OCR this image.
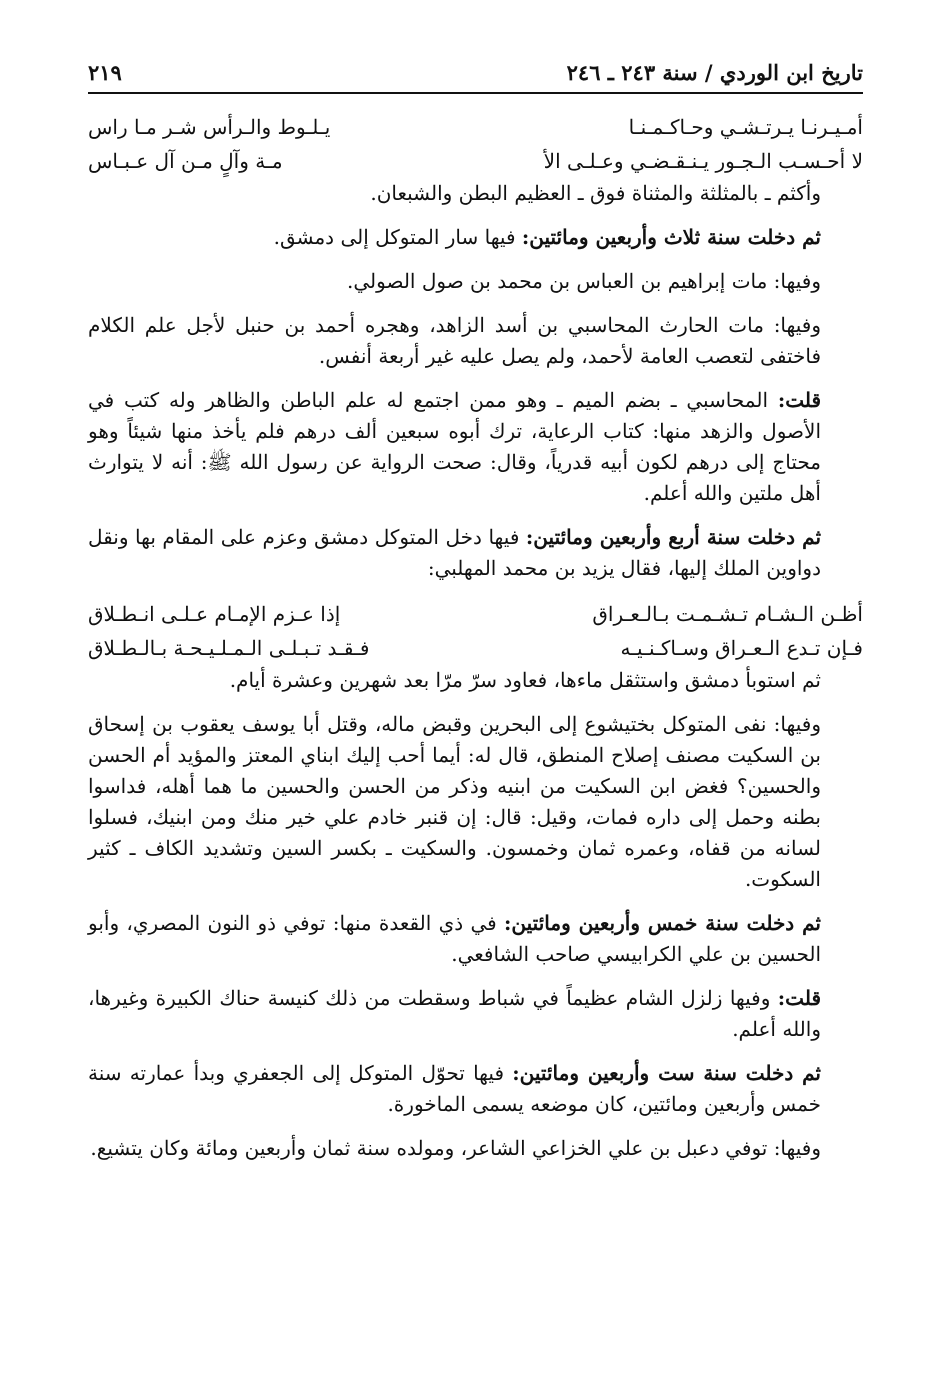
تاريخ ابن الوردي / سنة ٢٤٣ ـ ٢٤٦
٢١٩
أمـيـرنـا يـرتـشـي وحـاكـمـنـا
يـلـوط والـرأس شـر مـا راس
لا أحـسـب الـجـور يـنـقـضـي وعـلـى الأ
مـة وآلٍ مـن آل عـبـاس

وأكثم ـ بالمثلثة والمثناة فوق ـ العظيم البطن والشبعان.

ثم دخلت سنة ثلاث وأربعين ومائتين: فيها سار المتوكل إلى دمشق.

وفيها: مات إبراهيم بن العباس بن محمد بن صول الصولي.

وفيها: مات الحارث المحاسبي بن أسد الزاهد، وهجره أحمد بن حنبل لأجل علم الكلام فاختفى لتعصب العامة لأحمد، ولم يصل عليه غير أربعة أنفس.

قلت: المحاسبي ـ بضم الميم ـ وهو ممن اجتمع له علم الباطن والظاهر وله كتب في الأصول والزهد منها: كتاب الرعاية، ترك أبوه سبعين ألف درهم فلم يأخذ منها شيئاً وهو محتاج إلى درهم لكون أبيه قدرياً، وقال: صحت الرواية عن رسول الله ﷺ: أنه لا يتوارث أهل ملتين والله أعلم.

ثم دخلت سنة أربع وأربعين ومائتين: فيها دخل المتوكل دمشق وعزم على المقام بها ونقل دواوين الملك إليها، فقال يزيد بن محمد المهلبي:

أظـن الـشـام تـشـمـت بـالـعـراق
إذا عـزم الإمـام عـلـى انـطـلاق
فـإن تـدع الـعـراق وسـاكـنـيـه
فـقـد تـبـلـى الـمـلـيـحـة بـالـطـلاق

ثم استوبأ دمشق واستثقل ماءها، فعاود سرّ مرّا بعد شهرين وعشرة أيام.

وفيها: نفى المتوكل بختيشوع إلى البحرين وقبض ماله، وقتل أبا يوسف يعقوب بن إسحاق بن السكيت مصنف إصلاح المنطق، قال له: أيما أحب إليك ابناي المعتز والمؤيد أم الحسن والحسين؟ فغض ابن السكيت من ابنيه وذكر من الحسن والحسين ما هما أهله، فداسوا بطنه وحمل إلى داره فمات، وقيل: قال: إن قنبر خادم علي خير منك ومن ابنيك، فسلوا لسانه من قفاه، وعمره ثمان وخمسون. والسكيت ـ بكسر السين وتشديد الكاف ـ كثير السكوت.

ثم دخلت سنة خمس وأربعين ومائتين: في ذي القعدة منها: توفي ذو النون المصري، وأبو الحسين بن علي الكرابيسي صاحب الشافعي.

قلت: وفيها زلزل الشام عظيماً في شباط وسقطت من ذلك كنيسة حناك الكبيرة وغيرها، والله أعلم.

ثم دخلت سنة ست وأربعين ومائتين: فيها تحوّل المتوكل إلى الجعفري وبدأ عمارته سنة خمس وأربعين ومائتين، كان موضعه يسمى الماخورة.

وفيها: توفي دعبل بن علي الخزاعي الشاعر، ومولده سنة ثمان وأربعين ومائة وكان يتشيع.
